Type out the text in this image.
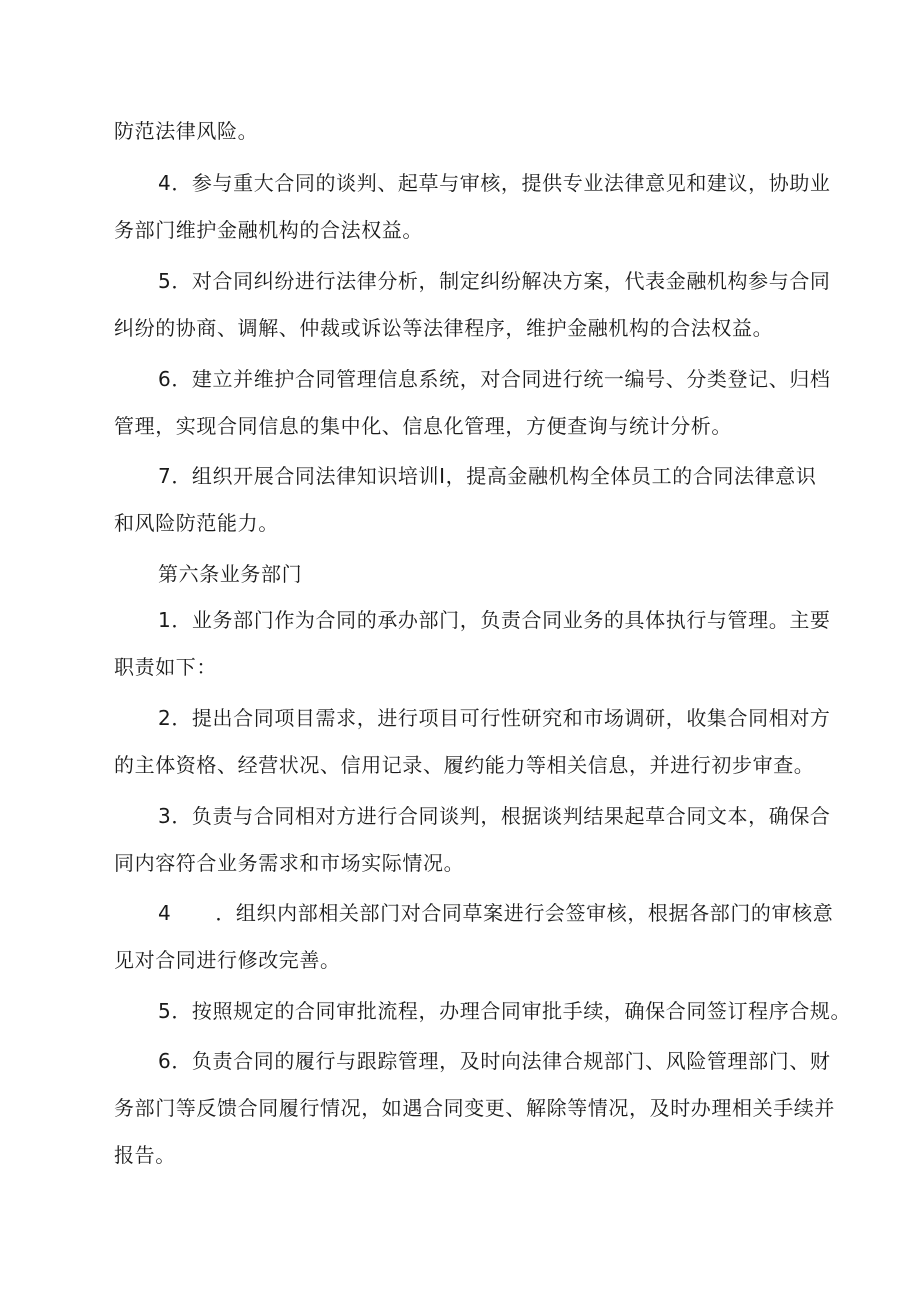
防范法律风险。
4．参与重大合同的谈判、起草与审核，提供专业法律意见和建议，协助业
务部门维护金融机构的合法权益。
5．对合同纠纷进行法律分析，制定纠纷解决方案，代表金融机构参与合同
纠纷的协商、调解、仲裁或诉讼等法律程序，维护金融机构的合法权益。
6．建立并维护合同管理信息系统，对合同进行统一编号、分类登记、归档
管理，实现合同信息的集中化、信息化管理，方便查询与统计分析。
7．组织开展合同法律知识培训I，提高金融机构全体员工的合同法律意识
和风险防范能力。
第六条业务部门
1．业务部门作为合同的承办部门，负责合同业务的具体执行与管理。主要
职责如下：
2．提出合同项目需求，进行项目可行性研究和市场调研，收集合同相对方
的主体资格、经营状况、信用记录、履约能力等相关信息，并进行初步审查。
3．负责与合同相对方进行合同谈判，根据谈判结果起草合同文本，确保合
同内容符合业务需求和市场实际情况。
4 ．组织内部相关部门对合同草案进行会签审核，根据各部门的审核意
见对合同进行修改完善。
5．按照规定的合同审批流程，办理合同审批手续，确保合同签订程序合规。
6．负责合同的履行与跟踪管理，及时向法律合规部门、风险管理部门、财
务部门等反馈合同履行情况，如遇合同变更、解除等情况，及时办理相关手续并
报告。
